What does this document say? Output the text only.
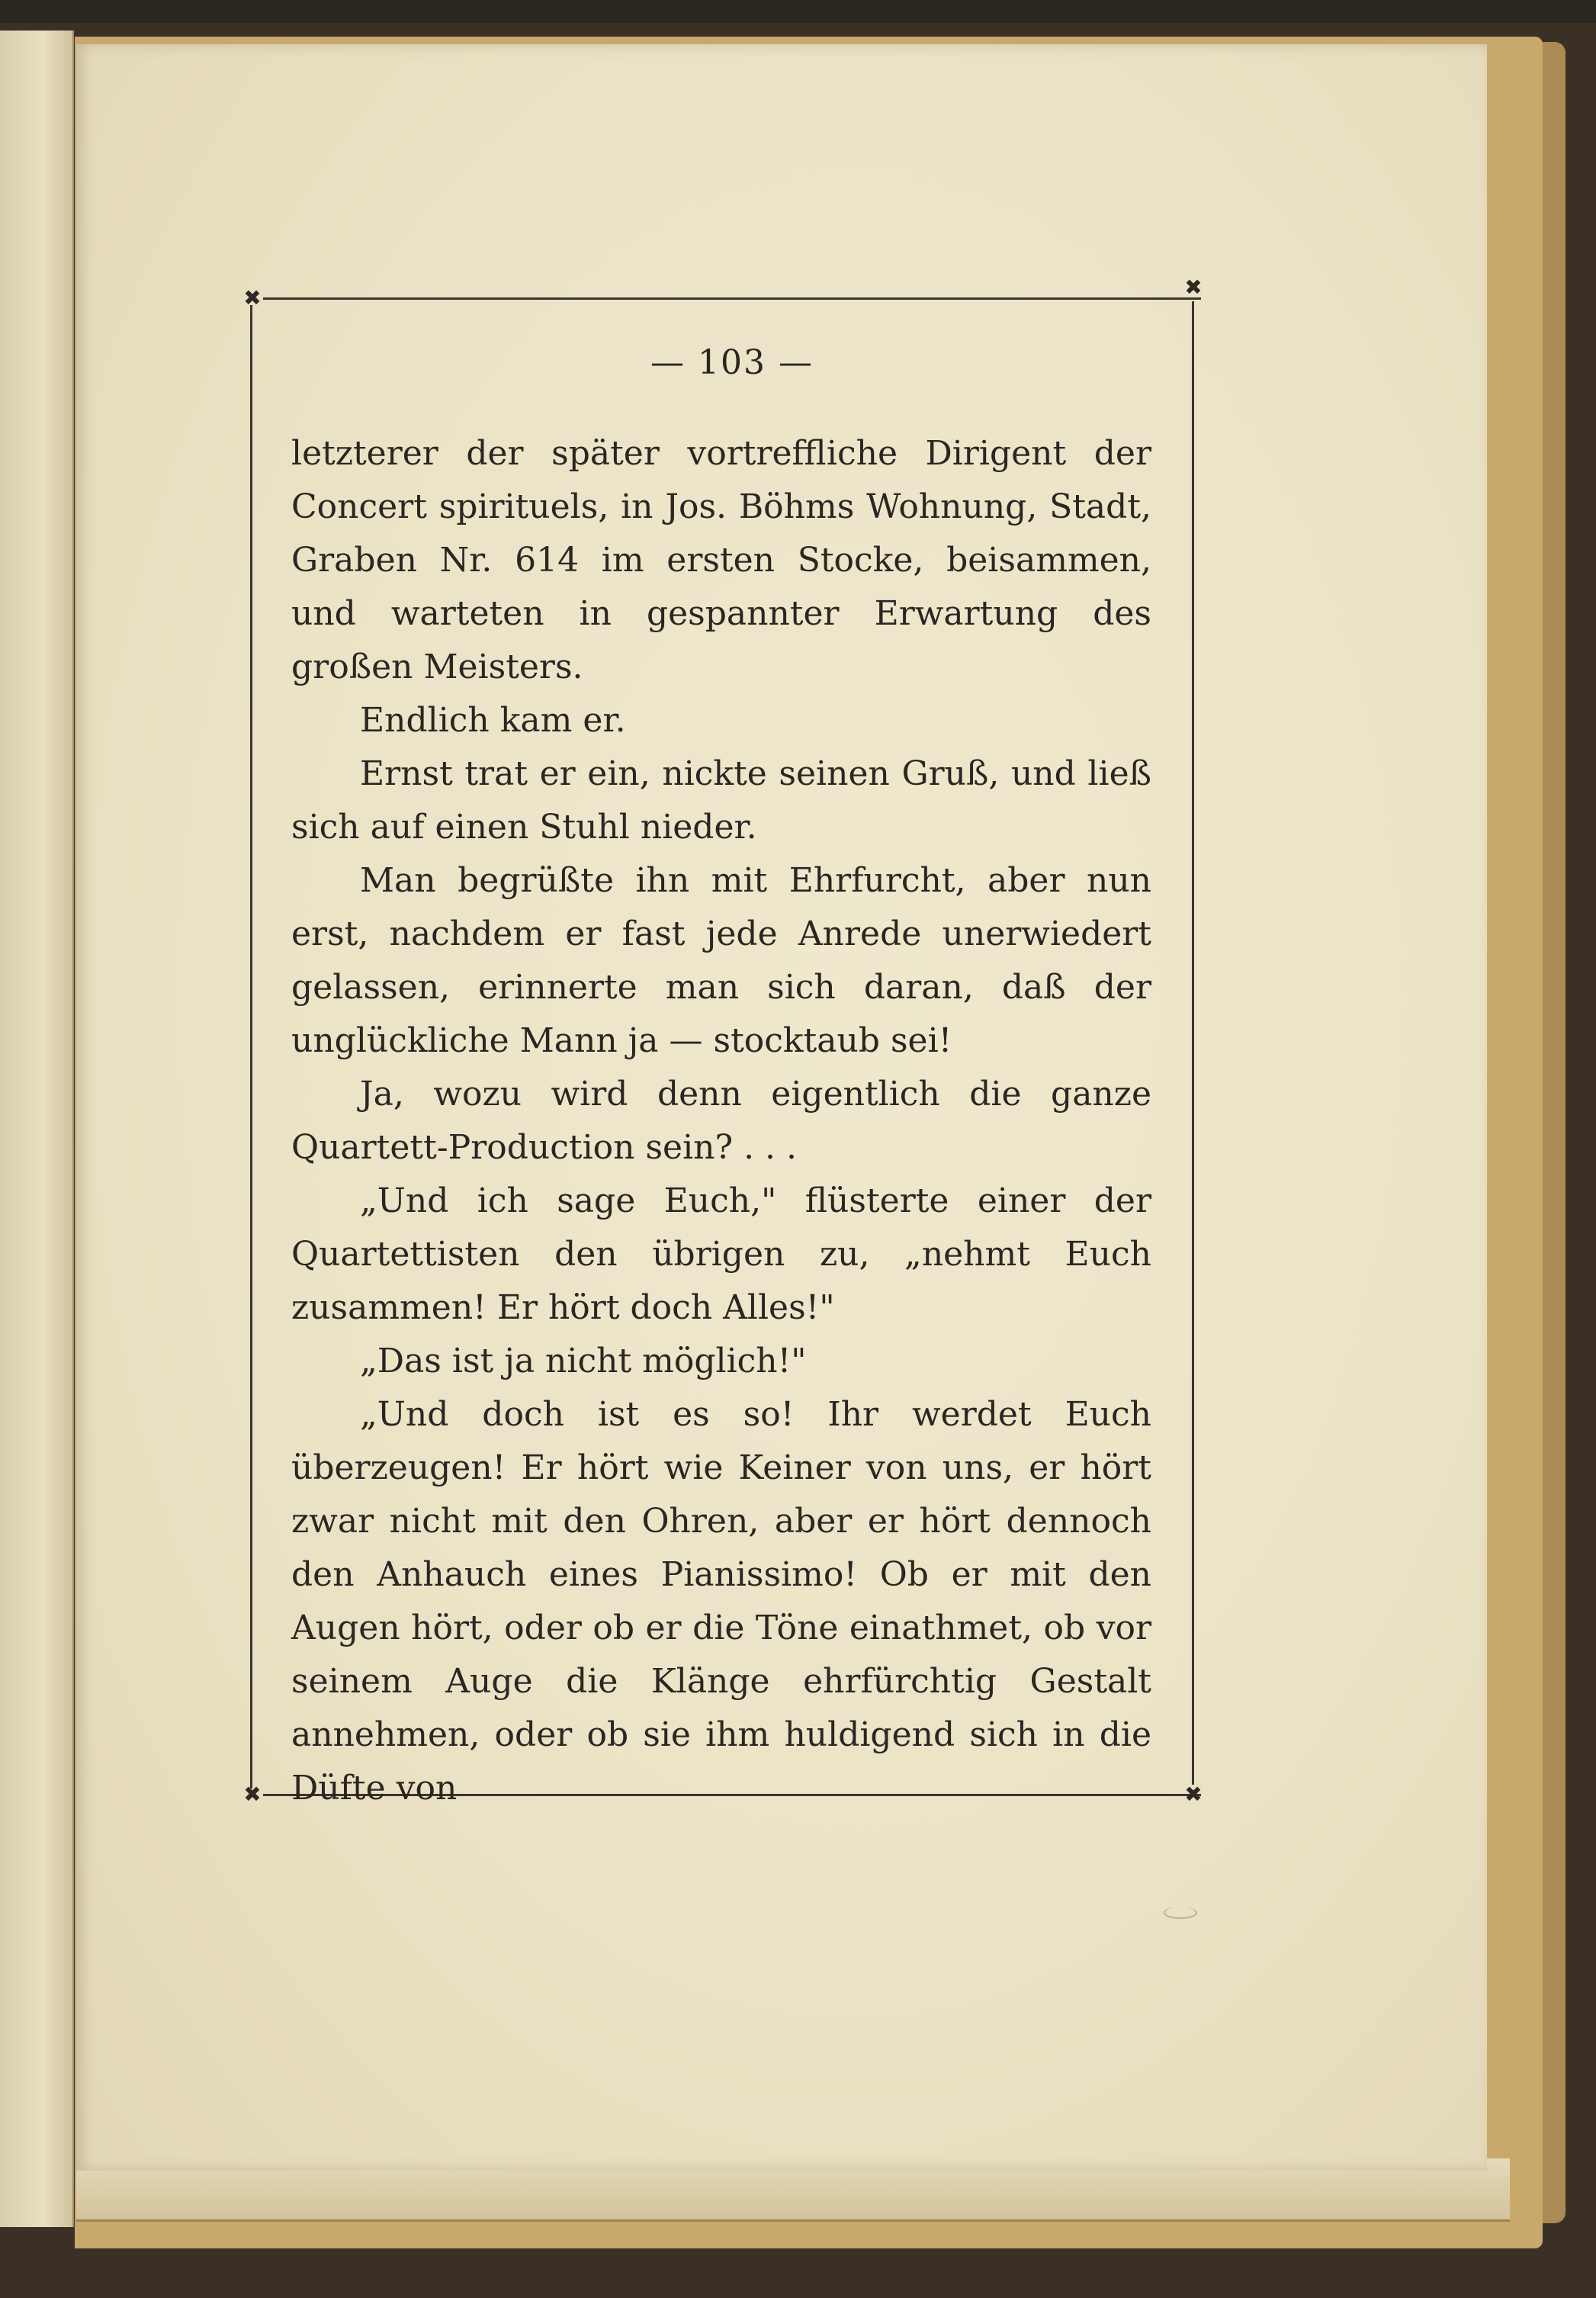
✖	✖
✖	✖
— 103 —

letzterer der später vortreffliche Dirigent der Concert spirituels, in Jos. Böhms Wohnung, Stadt, Graben Nr. 614 im ersten Stocke, beisammen, und warteten in gespannter Erwartung des großen Meisters.

Endlich kam er.

Ernst trat er ein, nickte seinen Gruß, und ließ sich auf einen Stuhl nieder.

Man begrüßte ihn mit Ehrfurcht, aber nun erst, nachdem er fast jede Anrede unerwiedert gelassen, erinnerte man sich daran, daß der unglückliche Mann ja — stocktaub sei!

Ja, wozu wird denn eigentlich die ganze Quartett-Production sein? . . .

„Und ich sage Euch," flüsterte einer der Quartettisten den übrigen zu, „nehmt Euch zusammen! Er hört doch Alles!"

„Das ist ja nicht möglich!"

„Und doch ist es so! Ihr werdet Euch überzeugen! Er hört wie Keiner von uns, er hört zwar nicht mit den Ohren, aber er hört dennoch den Anhauch eines Pianissimo! Ob er mit den Augen hört, oder ob er die Töne einathmet, ob vor seinem Auge die Klänge ehrfürchtig Gestalt annehmen, oder ob sie ihm huldigend sich in die Düfte von
